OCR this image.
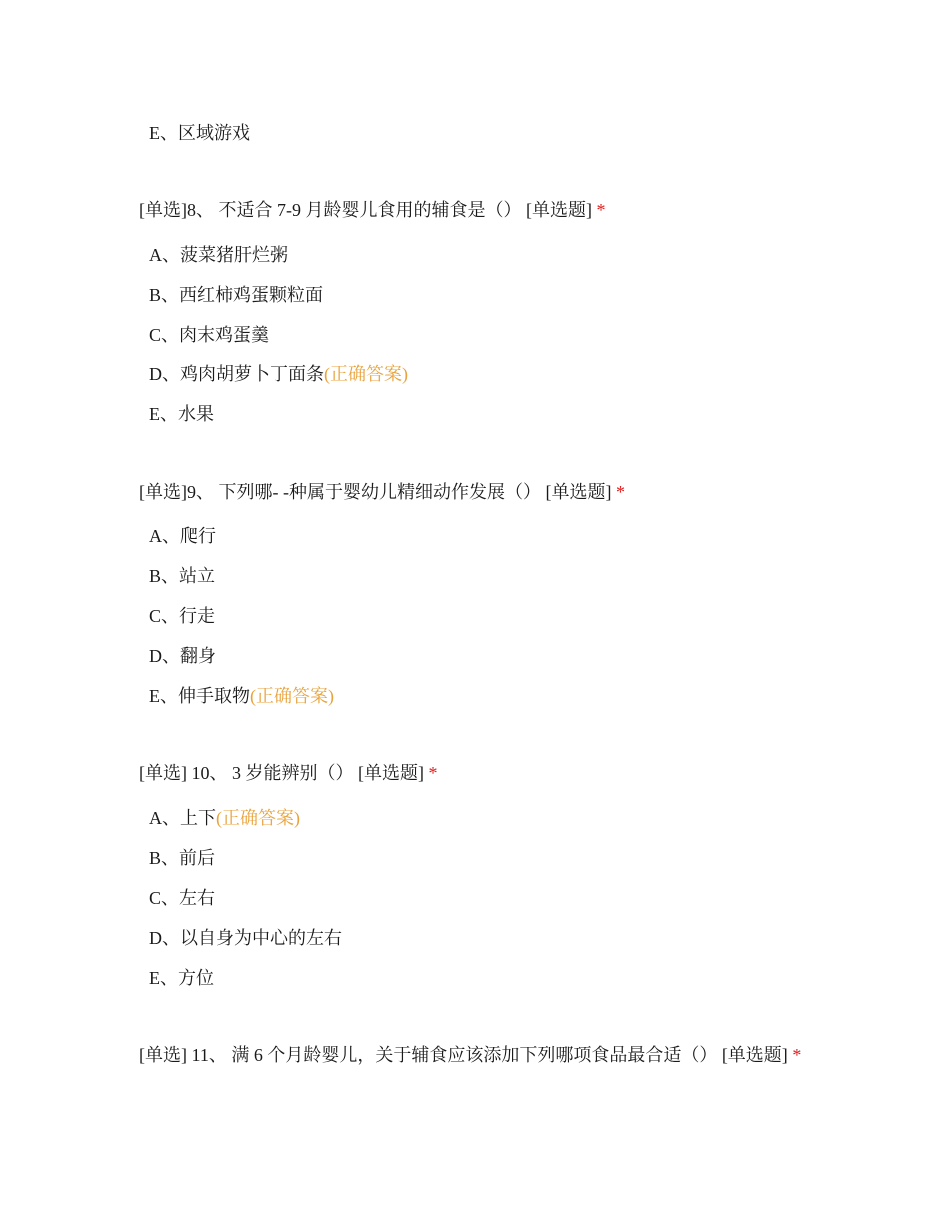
E、区域游戏
[单选]8、 不适合 7-9 月龄婴儿食用的辅食是（） [单选题] *
A、菠菜猪肝烂粥
B、西红柿鸡蛋颗粒面
C、肉末鸡蛋羹
D、鸡肉胡萝卜丁面条(正确答案)
E、水果
[单选]9、 下列哪- -种属于婴幼儿精细动作发展（） [单选题] *
A、爬行
B、站立
C、行走
D、翻身
E、伸手取物(正确答案)
[单选] 10、 3 岁能辨别（） [单选题] *
A、上下(正确答案)
B、前后
C、左右
D、以自身为中心的左右
E、方位
[单选] 11、 满 6 个月龄婴儿，关于辅食应该添加下列哪项食品最合适（） [单选题] *
